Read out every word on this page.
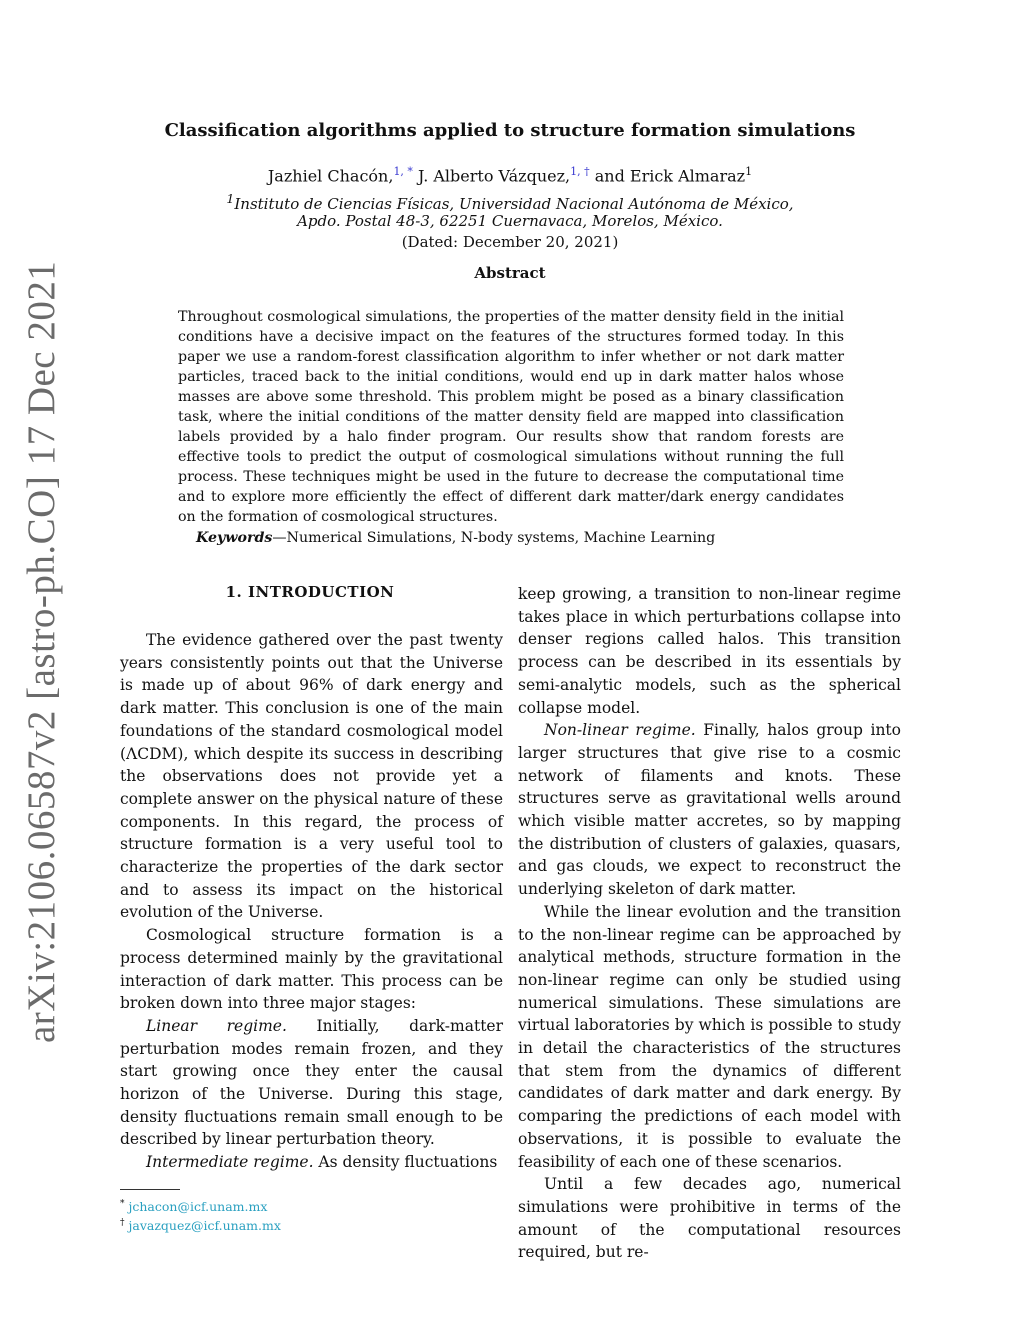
arXiv:2106.06587v2 [astro-ph.CO] 17 Dec 2021
Classification algorithms applied to structure formation simulations
Jazhiel Chacón,$^{1, *}$ J. Alberto Vázquez,$^{1, \dagger}$ and Erick Almaraz$^1$
$^1$Instituto de Ciencias Físicas, Universidad Nacional Autónoma de México,
Apdo. Postal 48-3, 62251 Cuernavaca, Morelos, México.
(Dated: December 20, 2021)
Abstract
Throughout cosmological simulations, the properties of the matter density field in the initial conditions have a decisive impact on the features of the structures formed today. In this paper we use a random-forest classification algorithm to infer whether or not dark matter particles, traced back to the initial conditions, would end up in dark matter halos whose masses are above some threshold. This problem might be posed as a binary classification task, where the initial conditions of the matter density field are mapped into classification labels provided by a halo finder program. Our results show that random forests are effective tools to predict the output of cosmological simulations without running the full process. These techniques might be used in the future to decrease the computational time and to explore more efficiently the effect of different dark matter/dark energy candidates on the formation of cosmological structures.
Keywords—Numerical Simulations, N-body systems, Machine Learning
1. INTRODUCTION

The evidence gathered over the past twenty years consistently points out that the Universe is made up of about 96% of dark energy and dark matter. This conclusion is one of the main foundations of the standard cosmological model (ΛCDM), which despite its success in describing the observations does not provide yet a complete answer on the physical nature of these components. In this regard, the process of structure formation is a very useful tool to characterize the properties of the dark sector and to assess its impact on the historical evolution of the Universe.

Cosmological structure formation is a process determined mainly by the gravitational interaction of dark matter. This process can be broken down into three major stages:

Linear regime. Initially, dark-matter perturbation modes remain frozen, and they start growing once they enter the causal horizon of the Universe. During this stage, density fluctuations remain small enough to be described by linear perturbation theory.

Intermediate regime. As density fluctuations

keep growing, a transition to non-linear regime takes place in which perturbations collapse into denser regions called halos. This transition process can be described in its essentials by semi-analytic models, such as the spherical collapse model.

Non-linear regime. Finally, halos group into larger structures that give rise to a cosmic network of filaments and knots. These structures serve as gravitational wells around which visible matter accretes, so by mapping the distribution of clusters of galaxies, quasars, and gas clouds, we expect to reconstruct the underlying skeleton of dark matter.

While the linear evolution and the transition to the non-linear regime can be approached by analytical methods, structure formation in the non-linear regime can only be studied using numerical simulations. These simulations are virtual laboratories by which is possible to study in detail the characteristics of the structures that stem from the dynamics of different candidates of dark matter and dark energy. By comparing the predictions of each model with observations, it is possible to evaluate the feasibility of each one of these scenarios.

Until a few decades ago, numerical simulations were prohibitive in terms of the amount of the computational resources required, but re-

* jchacon@icf.unam.mx
† javazquez@icf.unam.mx
